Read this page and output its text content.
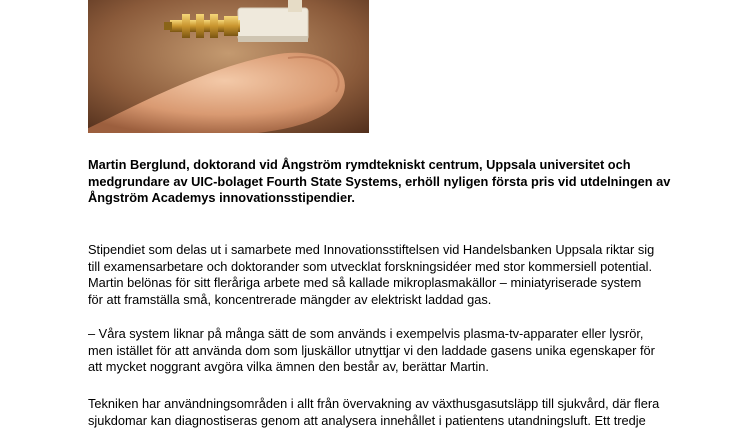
Martin Berglund, doktorand vid Ångström rymdtekniskt centrum, Uppsala universitet och
medgrundare av UIC-bolaget Fourth State Systems, erhöll nyligen första pris vid utdelningen av
Ångström Academys innovationsstipendier.

Stipendiet som delas ut i samarbete med Innovationsstiftelsen vid Handelsbanken Uppsala riktar sig
till examensarbetare och doktorander som utvecklat forskningsidéer med stor kommersiell potential.
Martin belönas för sitt fleråriga arbete med så kallade mikroplasmakällor – miniatyriserade system
för att framställa små, koncentrerade mängder av elektriskt laddad gas.

– Våra system liknar på många sätt de som används i exempelvis plasma-tv-apparater eller lysrör,
men istället för att använda dom som ljuskällor utnyttjar vi den laddade gasens unika egenskaper för
att mycket noggrant avgöra vilka ämnen den består av, berättar Martin.

Tekniken har användningsområden i allt från övervakning av växthusgasutsläpp till sjukvård, där flera
sjukdomar kan diagnostiseras genom att analysera innehållet i patientens utandningsluft. Ett tredje
